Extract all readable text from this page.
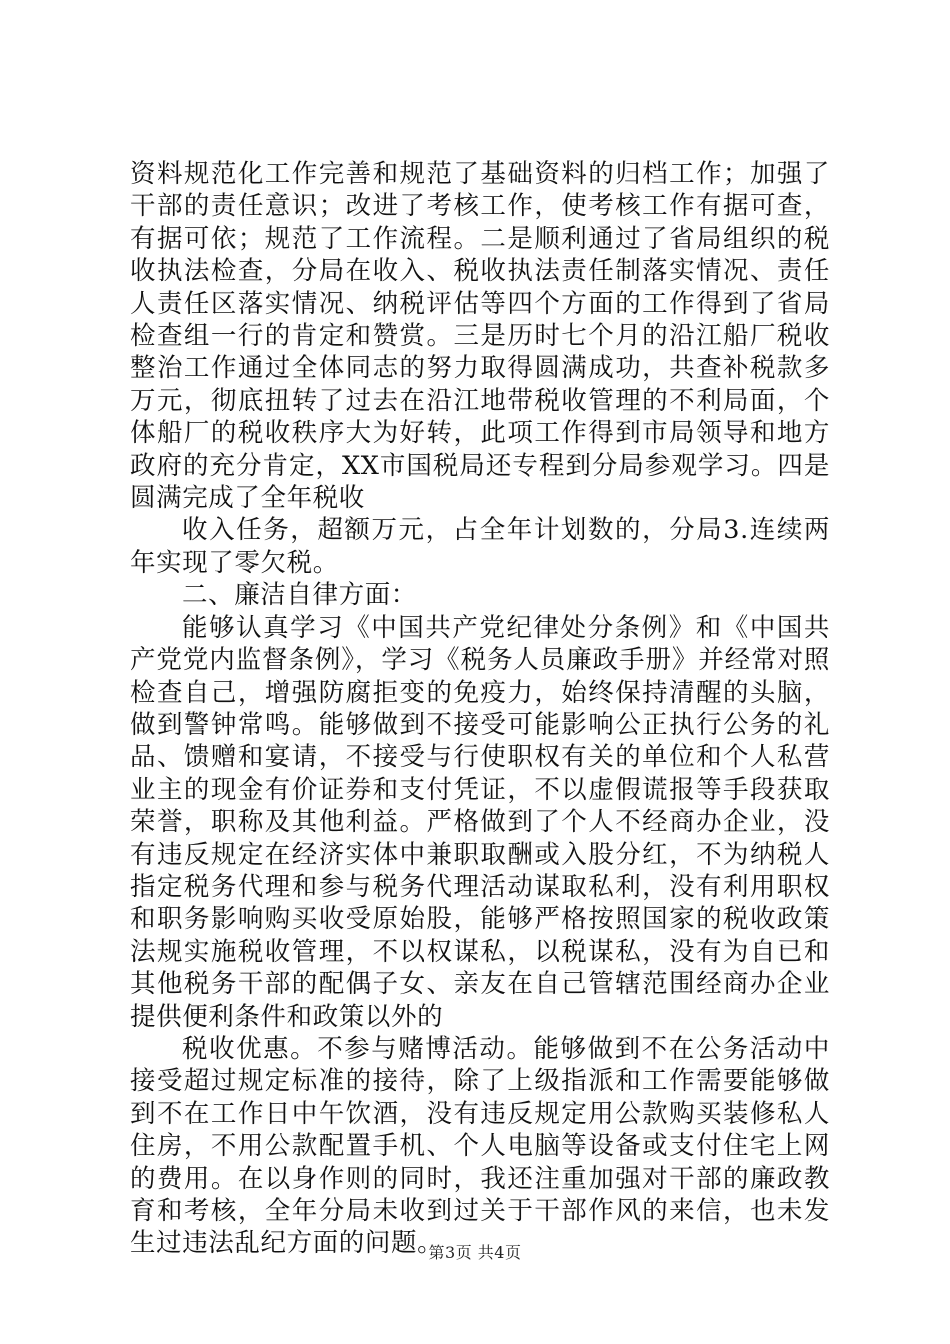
资料规范化工作完善和规范了基础资料的归档工作；加强了干部的责任意识；改进了考核工作，使考核工作有据可查，有据可依；规范了工作流程。二是顺利通过了省局组织的税收执法检查，分局在收入、税收执法责任制落实情况、责任人责任区落实情况、纳税评估等四个方面的工作得到了省局检查组一行的肯定和赞赏。三是历时七个月的沿江船厂税收整治工作通过全体同志的努力取得圆满成功，共查补税款多万元，彻底扭转了过去在沿江地带税收管理的不利局面，个体船厂的税收秩序大为好转，此项工作得到市局领导和地方政府的充分肯定，XX市国税局还专程到分局参观学习。四是圆满完成了全年税收

收入任务，超额万元，占全年计划数的，分局3.连续两年实现了零欠税。

二、廉洁自律方面：

能够认真学习《中国共产党纪律处分条例》和《中国共产党党内监督条例》，学习《税务人员廉政手册》并经常对照检查自己，增强防腐拒变的免疫力，始终保持清醒的头脑，做到警钟常鸣。能够做到不接受可能影响公正执行公务的礼品、馈赠和宴请，不接受与行使职权有关的单位和个人私营业主的现金有价证券和支付凭证，不以虚假谎报等手段获取荣誉，职称及其他利益。严格做到了个人不经商办企业，没有违反规定在经济实体中兼职取酬或入股分红，不为纳税人指定税务代理和参与税务代理活动谋取私利，没有利用职权和职务影响购买收受原始股，能够严格按照国家的税收政策法规实施税收管理，不以权谋私，以税谋私，没有为自已和其他税务干部的配偶子女、亲友在自己管辖范围经商办企业提供便利条件和政策以外的

税收优惠。不参与赌博活动。能够做到不在公务活动中接受超过规定标准的接待，除了上级指派和工作需要能够做到不在工作日中午饮酒，没有违反规定用公款购买装修私人住房，不用公款配置手机、个人电脑等设备或支付住宅上网的费用。在以身作则的同时，我还注重加强对干部的廉政教育和考核，全年分局未收到过关于干部作风的来信，也未发生过违法乱纪方面的问题。

第3页 共4页
